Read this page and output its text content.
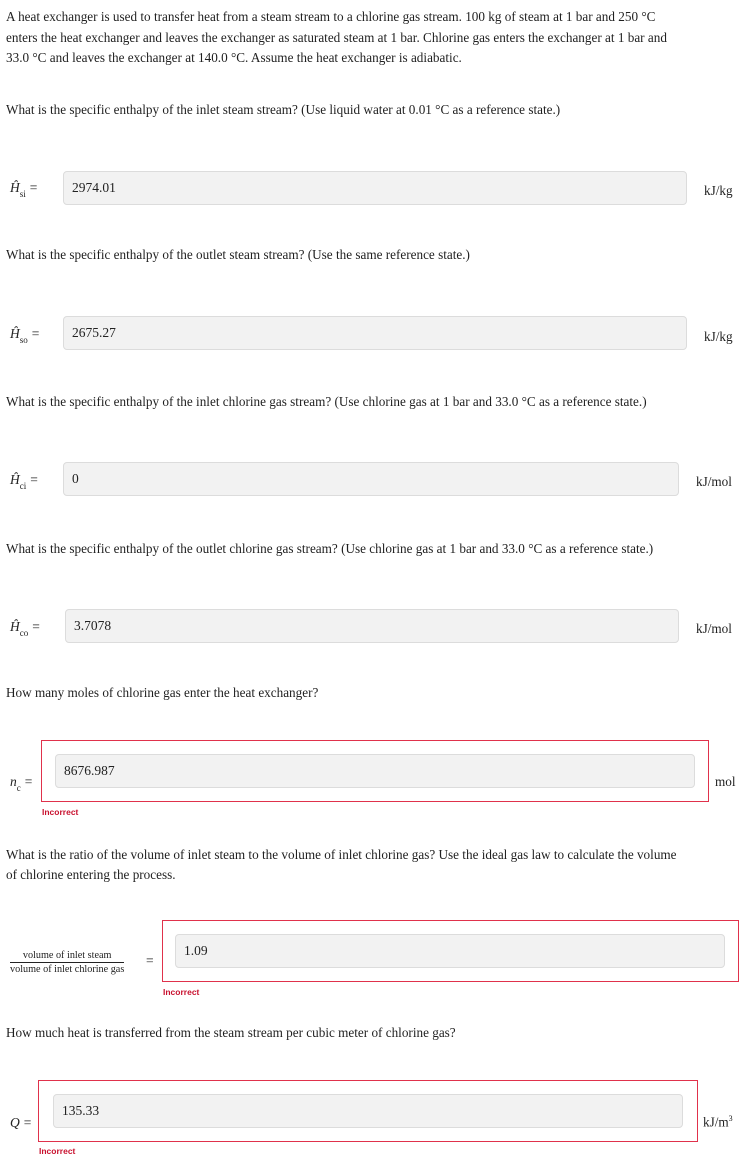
A heat exchanger is used to transfer heat from a steam stream to a chlorine gas stream. 100 kg of steam at 1 bar and 250 °C
enters the heat exchanger and leaves the exchanger as saturated steam at 1 bar. Chlorine gas enters the exchanger at 1 bar and
33.0 °C and leaves the exchanger at 140.0 °C. Assume the heat exchanger is adiabatic.
What is the specific enthalpy of the inlet steam stream? (Use liquid water at 0.01 °C as a reference state.)
$Ĥ_{si}$ =	2974.01	kJ/kg
What is the specific enthalpy of the outlet steam stream? (Use the same reference state.)
$Ĥ_{so}$ =	2675.27	kJ/kg
What is the specific enthalpy of the inlet chlorine gas stream? (Use chlorine gas at 1 bar and 33.0 °C as a reference state.)
$Ĥ_{ci}$ =	0	kJ/mol
What is the specific enthalpy of the outlet chlorine gas stream? (Use chlorine gas at 1 bar and 33.0 °C as a reference state.)
$Ĥ_{co}$ =	3.7078	kJ/mol
How many moles of chlorine gas enter the heat exchanger?
$n_c$ =
8676.987
mol
Incorrect
What is the ratio of the volume of inlet steam to the volume of inlet chlorine gas? Use the ideal gas law to calculate the volume
of chlorine entering the process.
volume of inlet steam
volume of inlet chlorine gas
=
1.09
Incorrect
How much heat is transferred from the steam stream per cubic meter of chlorine gas?
Q =
135.33
$kJ/m^3$
Incorrect
